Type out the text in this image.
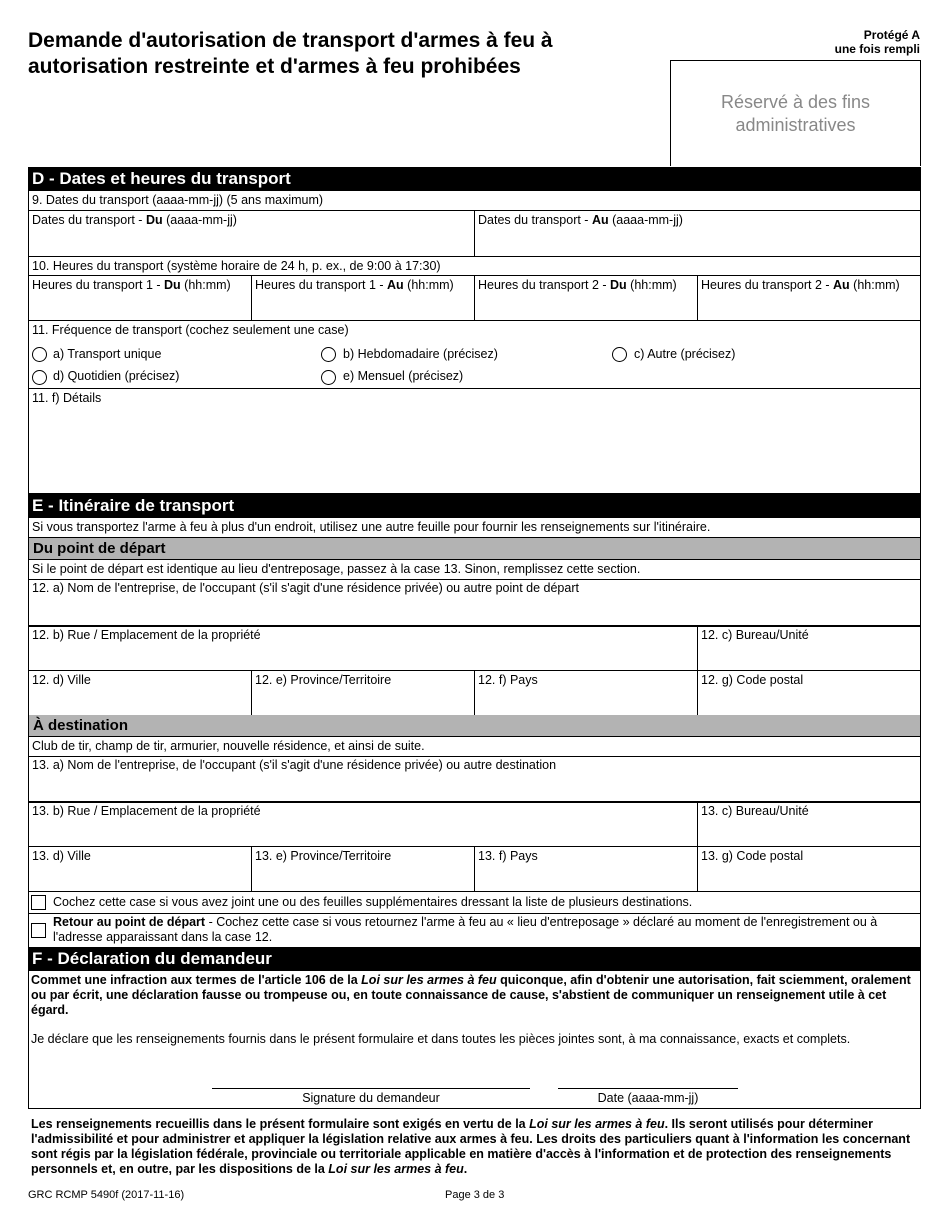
Demande d'autorisation de transport d'armes à feu à
autorisation restreinte et d'armes à feu prohibées
Protégé A
une fois rempli
Réservé à des fins
administratives
D - Dates et heures du transport
9. Dates du transport (aaaa-mm-jj) (5 ans maximum)
Dates du transport - Du (aaaa-mm-jj)	Dates du transport - Au (aaaa-mm-jj)
10. Heures du transport (système horaire de 24 h, p. ex., de 9:00 à 17:30)
Heures du transport 1 - Du (hh:mm)	Heures du transport 1 - Au (hh:mm)	Heures du transport 2 - Du (hh:mm)	Heures du transport 2 - Au (hh:mm)
11. Fréquence de transport (cochez seulement une case)
a) Transport unique	b) Hebdomadaire (précisez)	c) Autre (précisez)
d) Quotidien (précisez)	e) Mensuel (précisez)
11. f) Détails
E - Itinéraire de transport
Si vous transportez l'arme à feu à plus d'un endroit, utilisez une autre feuille pour fournir les renseignements sur l'itinéraire.
Du point de départ
Si le point de départ est identique au lieu d'entreposage, passez à la case 13. Sinon, remplissez cette section.
12. a) Nom de l'entreprise, de l'occupant (s'il s'agit d'une résidence privée) ou autre point de départ
12. b) Rue / Emplacement de la propriété	12. c) Bureau/Unité
12. d) Ville	12. e) Province/Territoire	12. f) Pays	12. g) Code postal
À destination
Club de tir, champ de tir, armurier, nouvelle résidence, et ainsi de suite.
13. a) Nom de l'entreprise, de l'occupant (s'il s'agit d'une résidence privée) ou autre destination
13. b) Rue / Emplacement de la propriété	13. c) Bureau/Unité
13. d) Ville	13. e) Province/Territoire	13. f) Pays	13. g) Code postal
Cochez cette case si vous avez joint une ou des feuilles supplémentaires dressant la liste de plusieurs destinations.
Retour au point de départ - Cochez cette case si vous retournez l'arme à feu au « lieu d'entreposage » déclaré au moment de l'enregistrement ou à l'adresse apparaissant dans la case 12.
F - Déclaration du demandeur
Commet une infraction aux termes de l'article 106 de la Loi sur les armes à feu quiconque, afin d'obtenir une autorisation, fait sciemment, oralement ou par écrit, une déclaration fausse ou trompeuse ou, en toute connaissance de cause, s'abstient de communiquer un renseignement utile à cet égard.
Je déclare que les renseignements fournis dans le présent formulaire et dans toutes les pièces jointes sont, à ma connaissance, exacts et complets.
Signature du demandeur	Date (aaaa-mm-jj)
Les renseignements recueillis dans le présent formulaire sont exigés en vertu de la Loi sur les armes à feu. Ils seront utilisés pour déterminer l'admissibilité et pour administrer et appliquer la législation relative aux armes à feu. Les droits des particuliers quant à l'information les concernant sont régis par la législation fédérale, provinciale ou territoriale applicable en matière d'accès à l'information et de protection des renseignements personnels et, en outre, par les dispositions de la Loi sur les armes à feu.
GRC RCMP 5490f (2017-11-16)	Page 3 de 3
